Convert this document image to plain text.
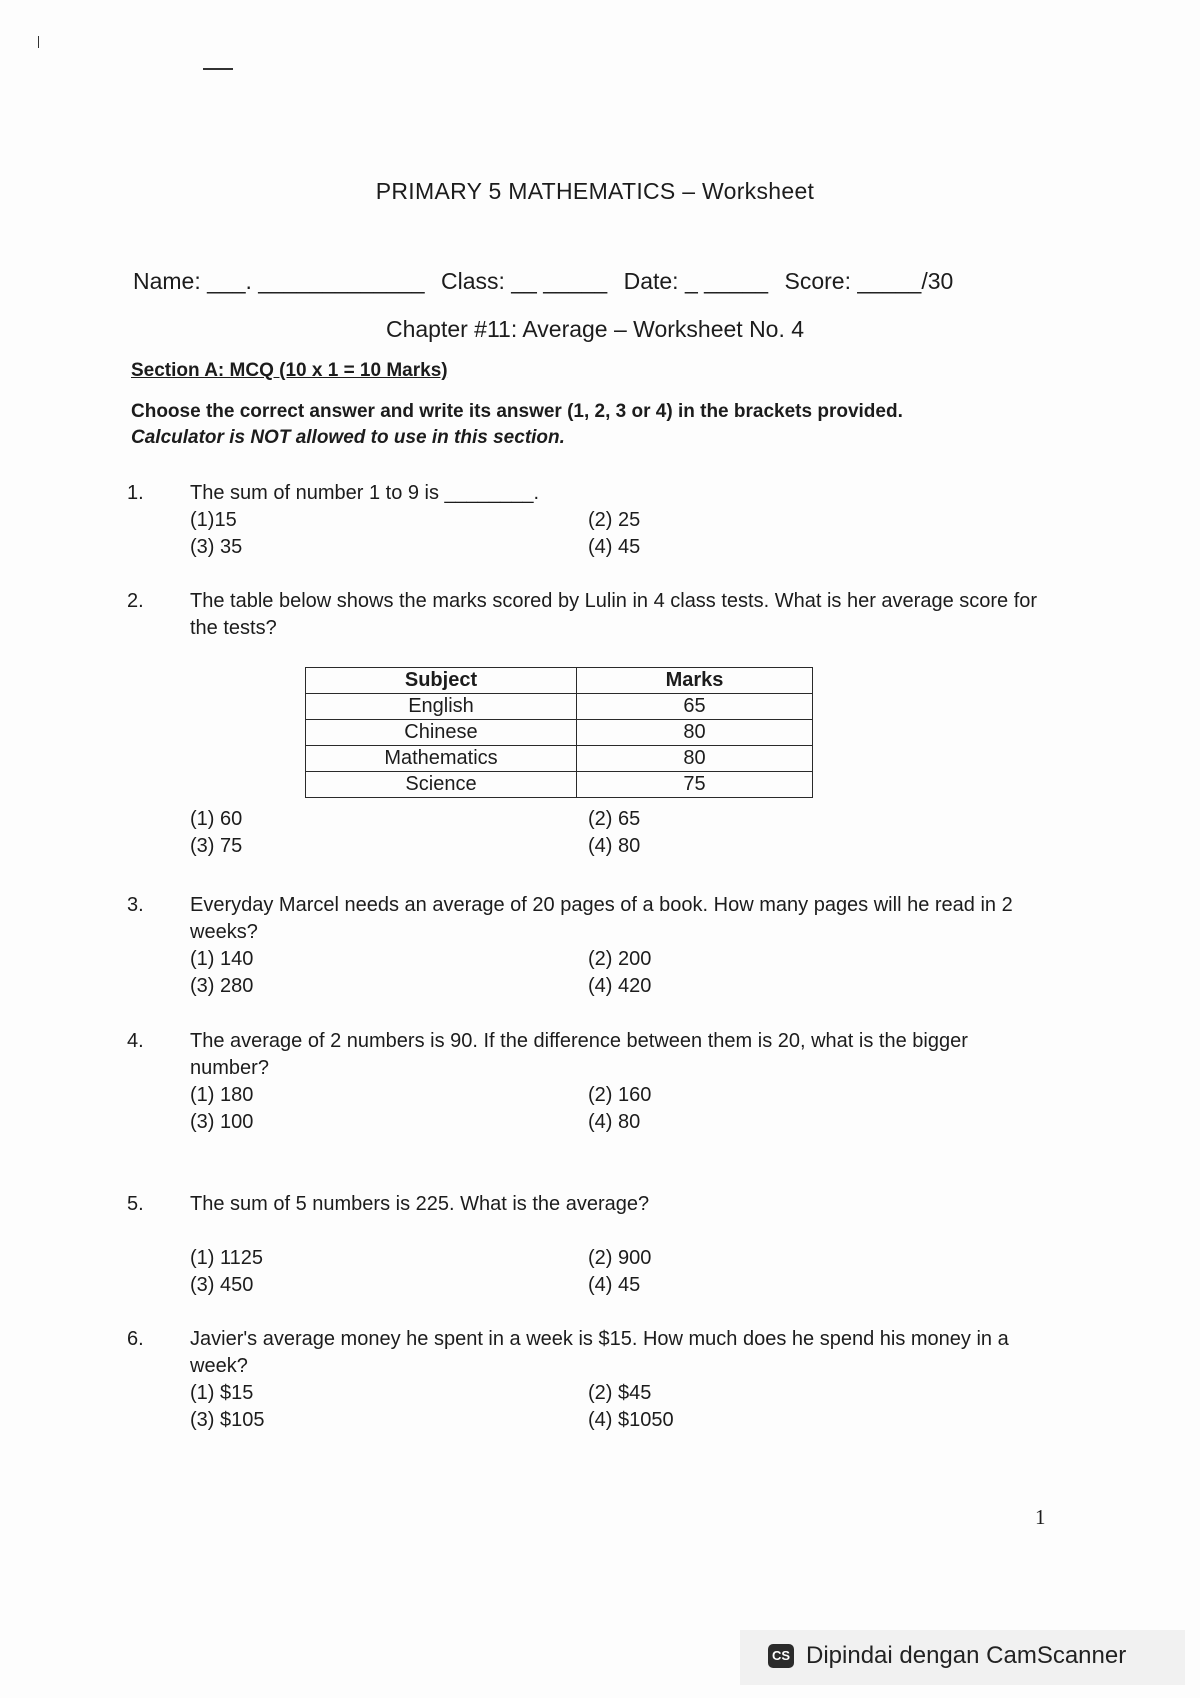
PRIMARY 5 MATHEMATICS – Worksheet
Name: ___. _____________ Class: __ _____ Date: _ _____ Score: _____/30
Chapter #11: Average – Worksheet No. 4
Section A: MCQ (10 x 1 = 10 Marks)
Choose the correct answer and write its answer (1, 2, 3 or 4) in the brackets provided.
Calculator is NOT allowed to use in this section.
1. The sum of number 1 to 9 is ________.
(1)15	(2) 25
(3) 35	(4) 45
2. The table below shows the marks scored by Lulin in 4 class tests. What is her average score for the tests?
(1) 60	(2) 65
(3) 75	(4) 80
Subject	Marks
English	65
Chinese	80
Mathematics	80
Science	75
3. Everyday Marcel needs an average of 20 pages of a book. How many pages will he read in 2 weeks?
(1) 140	(2) 200
(3) 280	(4) 420
4. The average of 2 numbers is 90. If the difference between them is 20, what is the bigger number?
(1) 180	(2) 160
(3) 100	(4) 80
5. The sum of 5 numbers is 225. What is the average?
(1) 1125	(2) 900
(3) 450	(4) 45
6. Javier's average money he spent in a week is $15. How much does he spend his money in a week?
(1) $15	(2) $45
(3) $105	(4) $1050
1
CS Dipindai dengan CamScanner
